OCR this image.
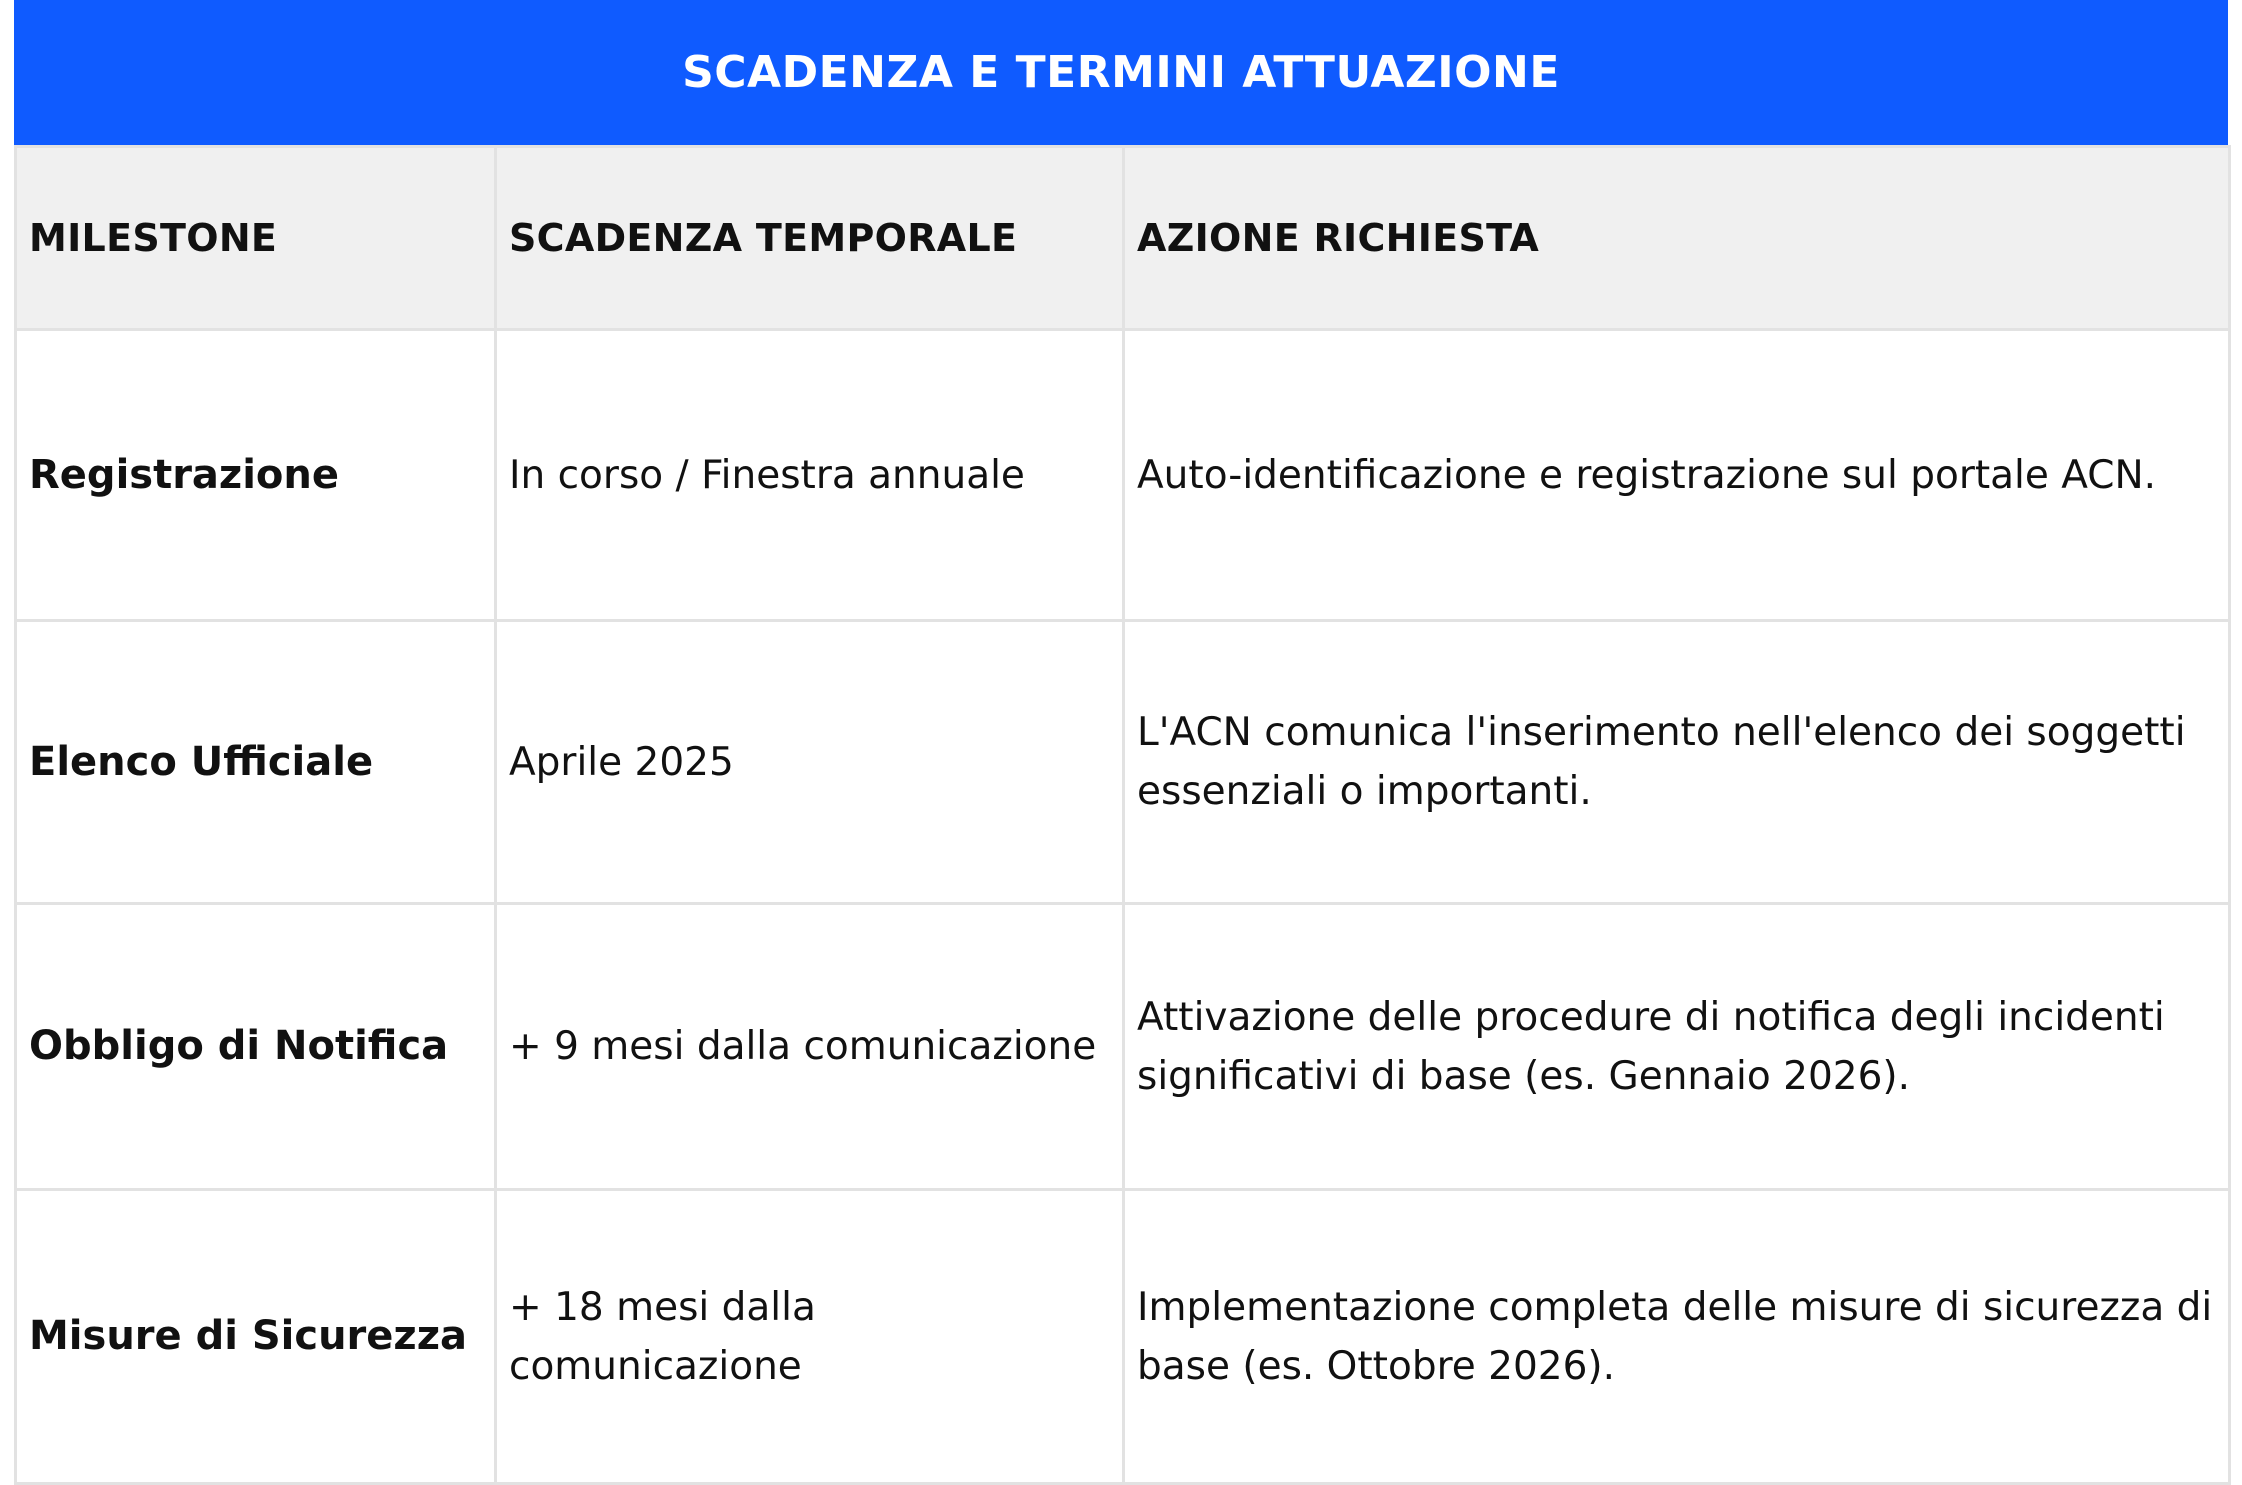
SCADENZA E TERMINI ATTUAZIONE
MILESTONE	SCADENZA TEMPORALE	AZIONE RICHIESTA
Registrazione	In corso / Finestra annuale	Auto-identificazione e registrazione sul portale ACN.
Elenco Ufficiale	Aprile 2025	L'ACN comunica l'inserimento nell'elenco dei soggetti essenziali o importanti.
Obbligo di Notifica	+ 9 mesi dalla comunicazione	Attivazione delle procedure di notifica degli incidenti significativi di base (es. Gennaio 2026).
Misure di Sicurezza	+ 18 mesi dalla comunicazione	Implementazione completa delle misure di sicurezza di base (es. Ottobre 2026).
